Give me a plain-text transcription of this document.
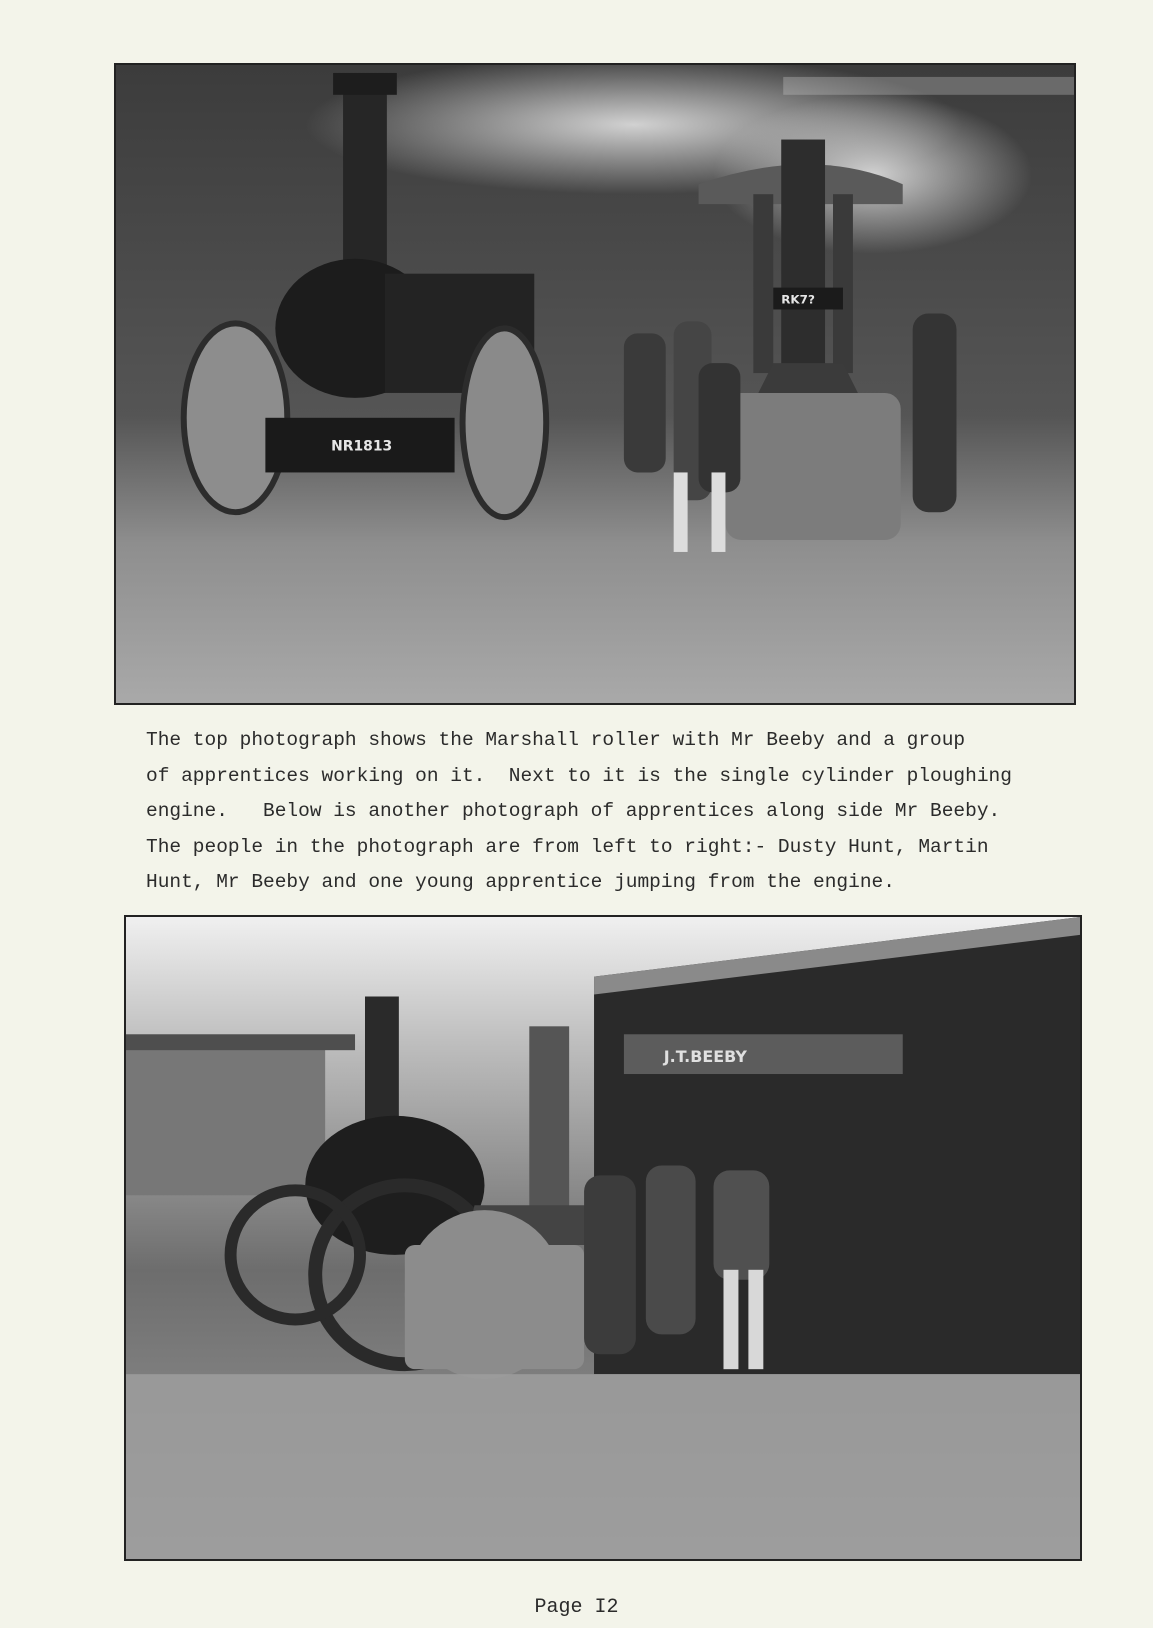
NR1813
RK7?

The top photograph shows the Marshall roller with Mr Beeby and a group

of apprentices working on it.  Next to it is the single cylinder ploughing

engine.   Below is another photograph of apprentices along side Mr Beeby.

The people in the photograph are from left to right:- Dusty Hunt, Martin

Hunt, Mr Beeby and one young apprentice jumping from the engine.

J.T.BEEBY
Page I2
